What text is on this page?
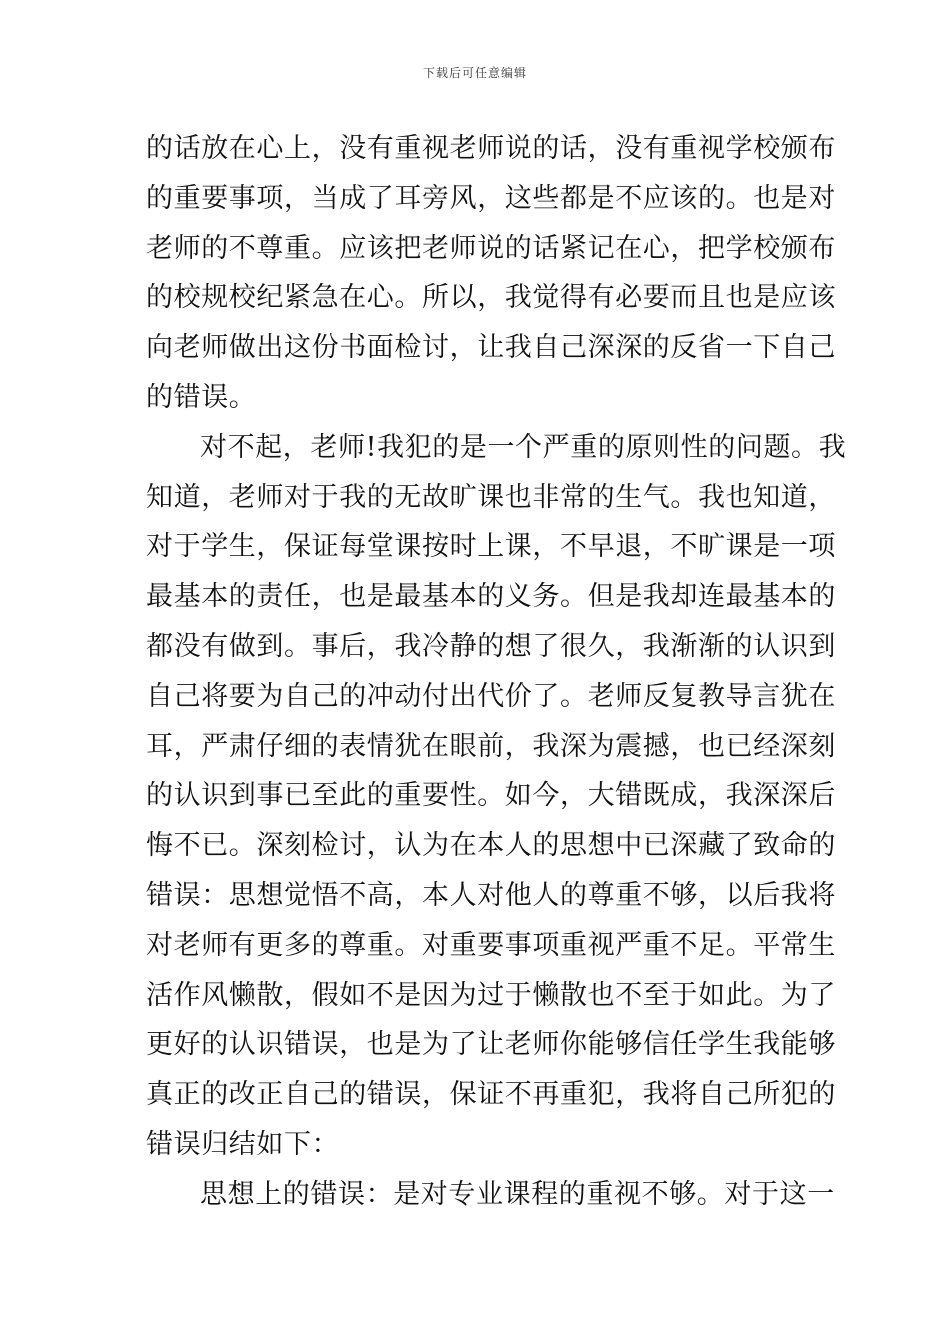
下载后可任意编辑
的话放在心上，没有重视老师说的话，没有重视学校颁布
的重要事项，当成了耳旁风，这些都是不应该的。也是对
老师的不尊重。应该把老师说的话紧记在心，把学校颁布
的校规校纪紧急在心。所以，我觉得有必要而且也是应该
向老师做出这份书面检讨，让我自己深深的反省一下自己
的错误。
对不起，老师!我犯的是一个严重的原则性的问题。我
知道，老师对于我的无故旷课也非常的生气。我也知道，
对于学生，保证每堂课按时上课，不早退，不旷课是一项
最基本的责任，也是最基本的义务。但是我却连最基本的
都没有做到。事后，我冷静的想了很久，我渐渐的认识到
自己将要为自己的冲动付出代价了。老师反复教导言犹在
耳，严肃仔细的表情犹在眼前，我深为震撼，也已经深刻
的认识到事已至此的重要性。如今，大错既成，我深深后
悔不已。深刻检讨，认为在本人的思想中已深藏了致命的
错误：思想觉悟不高，本人对他人的尊重不够，以后我将
对老师有更多的尊重。对重要事项重视严重不足。平常生
活作风懒散，假如不是因为过于懒散也不至于如此。为了
更好的认识错误，也是为了让老师你能够信任学生我能够
真正的改正自己的错误，保证不再重犯，我将自己所犯的
错误归结如下：
思想上的错误：是对专业课程的重视不够。对于这一
